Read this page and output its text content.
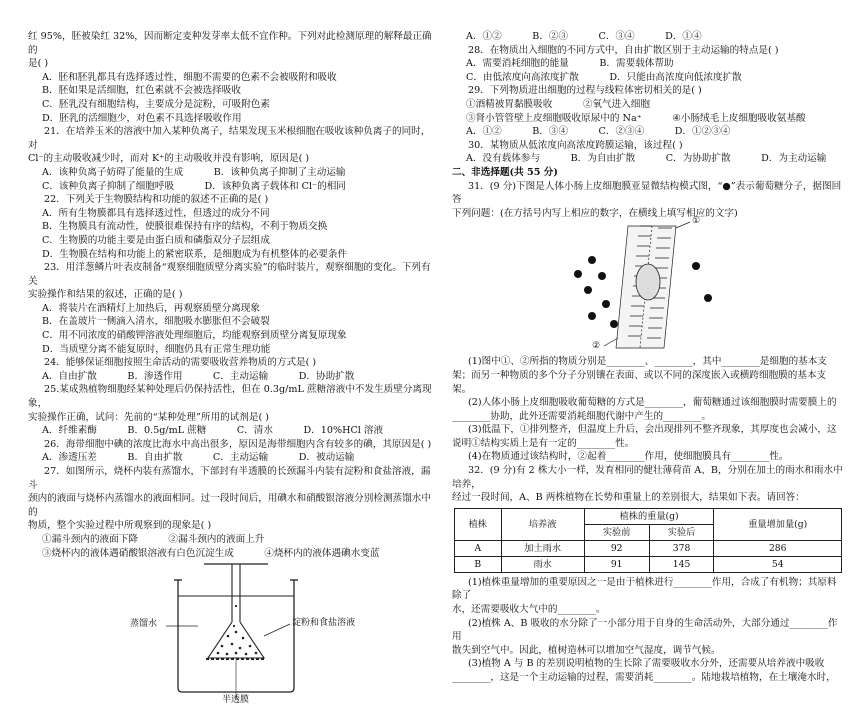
红 95%，胚被染红 32%，因而断定麦种发芽率太低不宜作种。下列对此检测原理的解释最正确的

是( )

A．胚和胚乳都具有选择透过性，细胞不需要的色素不会被吸附和吸收

B．胚如果是活细胞，红色素就不会被选择吸收

C．胚乳没有细胞结构，主要成分是淀粉，可吸附色素

D．胚乳的活细胞少，对色素不具选择吸收作用

21．在培养玉米的溶液中加入某种负离子，结果发现玉米根细胞在吸收该种负离子的同时，对

Cl⁻的主动吸收减少时，而对 K⁺的主动吸收并没有影响，原因是( )

A．该种负离子妨碍了能量的生成          B．该种负离子抑制了主动运输

C．该种负离子抑制了细胞呼吸          D．该种负离子载体和 Cl⁻的相同

22．下列关于生物膜结构和功能的叙述不正确的是( )

A．所有生物膜都具有选择透过性，但透过的成分不同

B．生物膜具有流动性，使膜很难保持有序的结构，不利于物质交换

C．生物膜的功能主要是由蛋白质和磷脂双分子层组成

D．生物膜在结构和功能上的紧密联系，是细胞成为有机整体的必要条件

23．用洋葱鳞片叶表皮制备“观察细胞质壁分离实验”的临时装片，观察细胞的变化。下列有关

实验操作和结果的叙述，正确的是( )

A．将装片在酒精灯上加热后，再观察质壁分离现象

B．在盖玻片一侧滴入清水，细胞吸水膨胀但不会破裂

C．用不同浓度的硝酸钾溶液处理细胞后，均能观察到质壁分离复原现象

D．当质壁分离不能复原时，细胞仍具有正常生理功能

24．能够保证细胞按照生命活动的需要吸收营养物质的方式是( )

A．自由扩散          B．渗透作用          C．主动运输          D．协助扩散

25.某成熟植物细胞经某种处理后仍保持活性，但在 0.3g/mL 蔗糖溶液中不发生质壁分离现象，

实验操作正确，试问：先前的“某种处理”所用的试剂是( )

A．纤维素酶          B．0.5g/mL 蔗糖          C．清水          D．10%HCl 溶液

26．海带细胞中碘的浓度比海水中高出很多，原因是海带细胞内含有较多的碘，其原因是( )

A．渗透压差          B．自由扩散          C．主动运输          D．被动运输

27．如图所示，烧杯内装有蒸馏水，下部封有半透膜的长颈漏斗内装有淀粉和食盐溶液，漏斗

颈内的液面与烧杯内蒸馏水的液面相同。过一段时间后，用碘水和硝酸银溶液分别检测蒸馏水中的

物质，整个实验过程中所观察到的现象是( )

①漏斗颈内的液面下降          ②漏斗颈内的液面上升

③烧杯内的液体遇硝酸银溶液有白色沉淀生成          ④烧杯内的液体遇碘水变蓝

蒸馏水	淀粉和食盐溶液
半透膜

A．①②          B．②③          C．③④          D．①④

28．在物质出入细胞的不同方式中，自由扩散区别于主动运输的特点是( )

A．需要消耗细胞的能量          B．需要载体帮助

C．由低浓度向高浓度扩散          D．只能由高浓度向低浓度扩散

29．下列物质进出细胞的过程与线粒体密切相关的是( )

①酒精被胃黏膜吸收          ②氧气进入细胞

③肾小管管壁上皮细胞吸收原尿中的 Na⁺          ④小肠绒毛上皮细胞吸收氨基酸

A．①②          B．③④          C．②③④          D．①②③④

30．某物质从低浓度向高浓度跨膜运输，该过程( )

A．没有载体参与          B．为自由扩散          C．为协助扩散          D．为主动运输

二、非选择题(共 55 分)

31．(9 分)下图是人体小肠上皮细胞膜亚显微结构模式图，“●”表示葡萄糖分子，据图回答

下列问题：(在方括号内写上相应的数字，在横线上填写相应的文字)

①
②

(1)图中①、②所指的物质分别是________、________，其中________是细胞的基本支

架；而另一种物质的多个分子分别镶在表面、或以不同的深度嵌入或横跨细胞膜的基本支架。

(2)人体小肠上皮细胞吸收葡萄糖的方式是________，葡萄糖通过该细胞膜时需要膜上的

________协助，此外还需要消耗细胞代谢中产生的________。

(3)低温下，①排列整齐，但温度上升后，会出现排列不整齐现象，其厚度也会减小，这

说明①结构实质上是有一定的________性。

(4)在物质通过该结构时，②起着________作用，使细胞膜具有________性。

32．(9 分)有 2 株大小一样，发育相同的健壮薄荷苗 A、B，分别在加土的雨水和雨水中培养，

经过一段时间，A、B 两株植物在长势和重量上的差别很大，结果如下表。请回答：

植株	培养液	植株的重量(g)		重量增加量(g)
		实验前	实验后	
A	加土雨水	92	378	286
B	雨水	91	145	54

(1)植株重量增加的重要原因之一是由于植株进行________作用，合成了有机物；其原料除了

水，还需要吸收大气中的________。

(2)植株 A、B 吸收的水分除了一小部分用于自身的生命活动外，大部分通过________作用

散失到空气中。因此，植树造林可以增加空气湿度，调节气候。

(3)植物 A 与 B 的差别说明植物的生长除了需要吸收水分外，还需要从培养液中吸收

________，这是一个主动运输的过程，需要消耗________。陆地栽培植物，在土壤淹水时，
